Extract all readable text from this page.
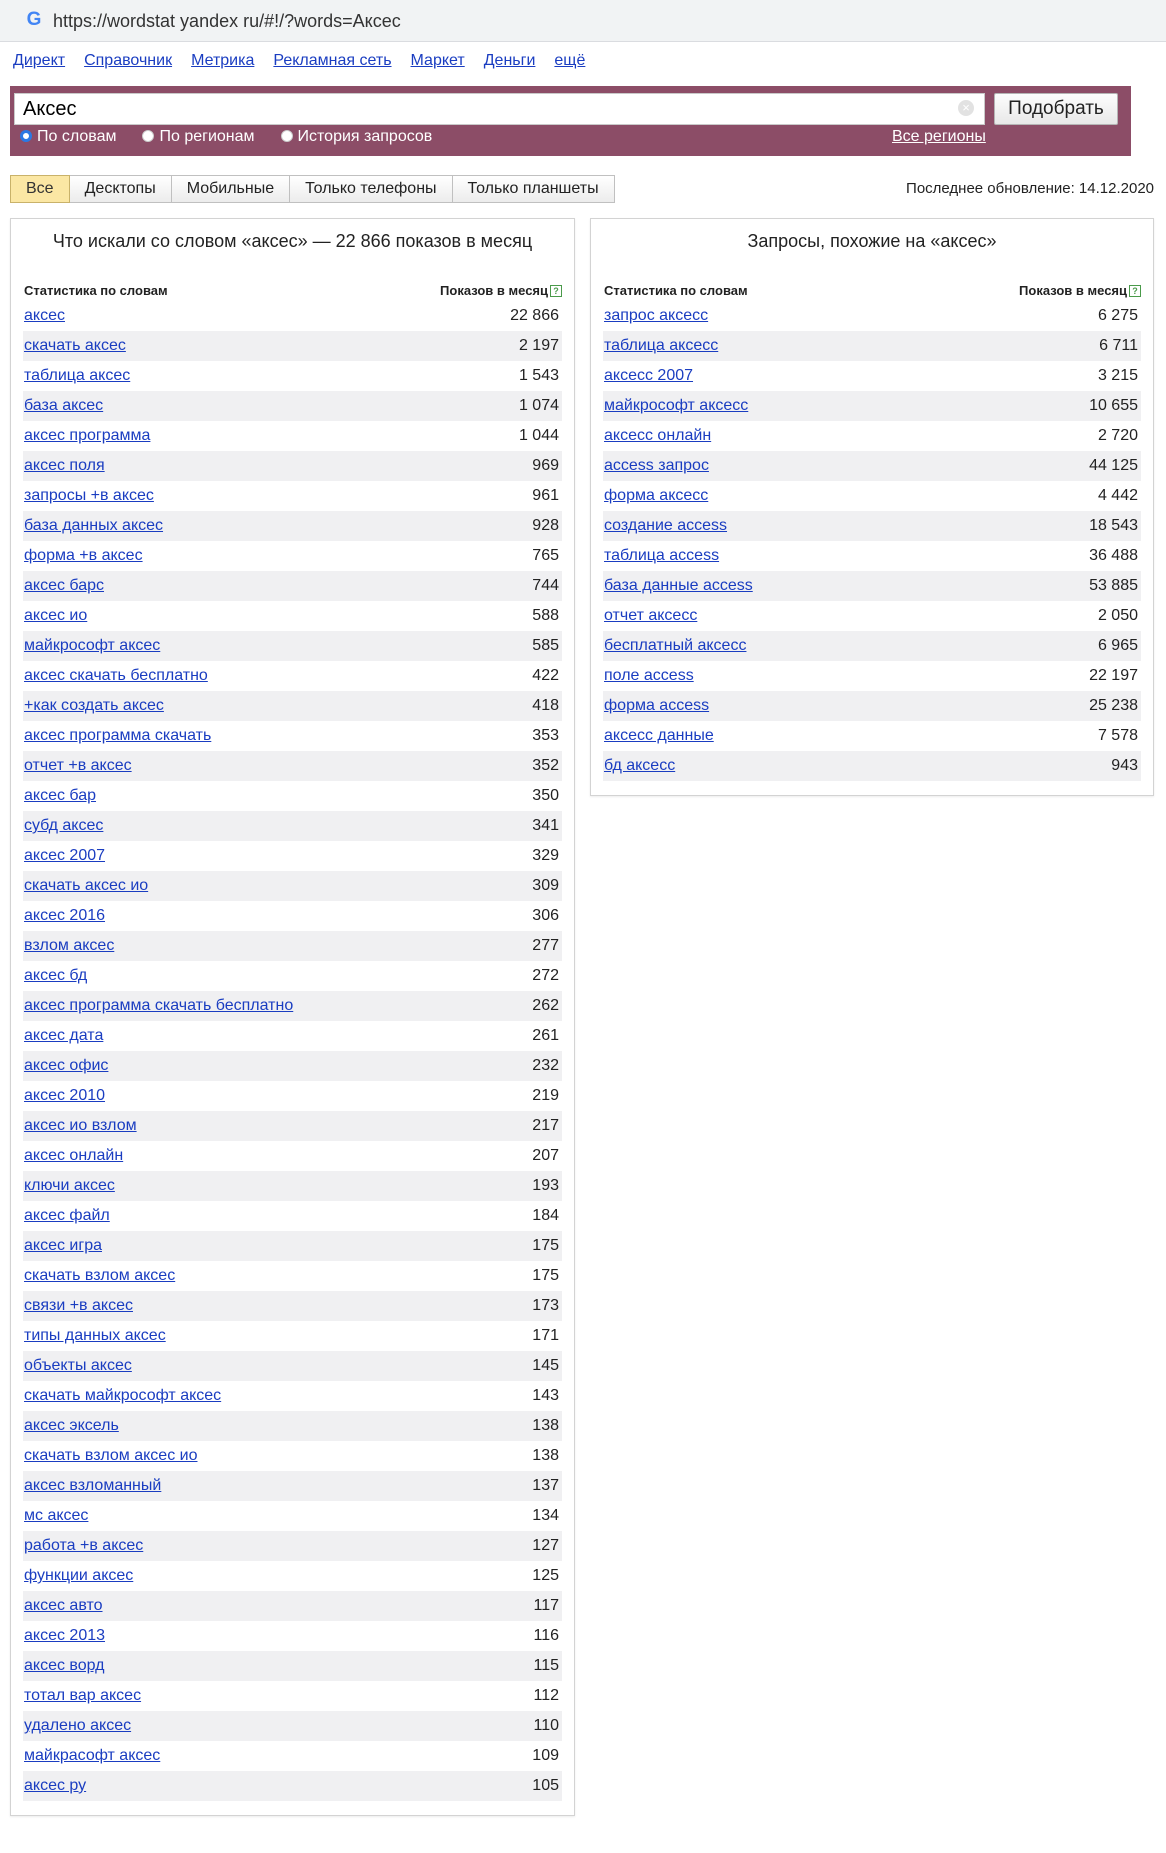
G https://wordstat yandex ru/#!/?words=Аксес
Директ Справочник Метрика Рекламная сеть Маркет Деньги ещё
Аксес
×	Подобрать
По словам	По регионам	История запросов	Все регионы
Все	Десктопы	Мобильные	Только телефоны	Только планшеты	Последнее обновление: 14.12.2020
Что искали со словом «аксес» — 22 866 показов в месяц
Статистика по словам	Показов в месяц ?
аксес	22 866
скачать аксес	2 197
таблица аксес	1 543
база аксес	1 074
аксес программа	1 044
аксес поля	969
запросы +в аксес	961
база данных аксес	928
форма +в аксес	765
аксес барс	744
аксес ио	588
майкрософт аксес	585
аксес скачать бесплатно	422
+как создать аксес	418
аксес программа скачать	353
отчет +в аксес	352
аксес бар	350
субд аксес	341
аксес 2007	329
скачать аксес ио	309
аксес 2016	306
взлом аксес	277
аксес бд	272
аксес программа скачать бесплатно	262
аксес дата	261
аксес офис	232
аксес 2010	219
аксес ио взлом	217
аксес онлайн	207
ключи аксес	193
аксес файл	184
аксес игра	175
скачать взлом аксес	175
связи +в аксес	173
типы данных аксес	171
объекты аксес	145
скачать майкрософт аксес	143
аксес эксель	138
скачать взлом аксес ио	138
аксес взломанный	137
мс аксес	134
работа +в аксес	127
функции аксес	125
аксес авто	117
аксес 2013	116
аксес ворд	115
тотал вар аксес	112
удалено аксес	110
майкрасофт аксес	109
аксес ру	105
Запросы, похожие на «аксес»
Статистика по словам	Показов в месяц ?
запрос аксесс	6 275
таблица аксесс	6 711
аксесс 2007	3 215
майкрософт аксесс	10 655
аксесс онлайн	2 720
access запрос	44 125
форма аксесс	4 442
создание access	18 543
таблица access	36 488
база данные access	53 885
отчет аксесс	2 050
бесплатный аксесс	6 965
поле access	22 197
форма access	25 238
аксесс данные	7 578
бд аксесс	943
